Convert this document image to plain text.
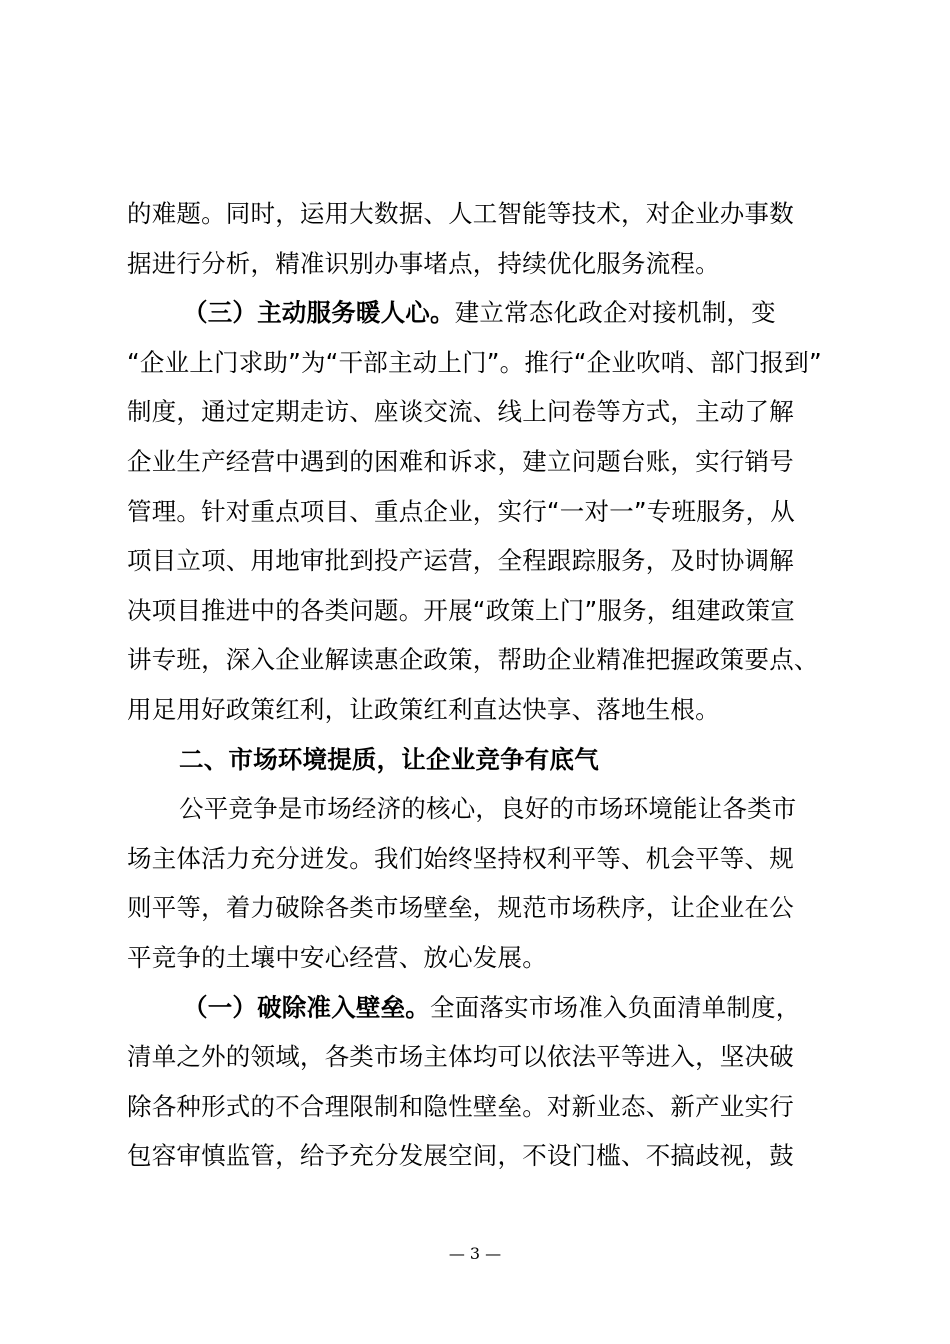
的难题。同时，运用大数据、人工智能等技术，对企业办事数
据进行分析，精准识别办事堵点，持续优化服务流程。
（三）主动服务暖人心。建立常态化政企对接机制，变
“企业上门求助”为“干部主动上门”。推行“企业吹哨、部门报到”
制度，通过定期走访、座谈交流、线上问卷等方式，主动了解
企业生产经营中遇到的困难和诉求，建立问题台账，实行销号
管理。针对重点项目、重点企业，实行“一对一”专班服务，从
项目立项、用地审批到投产运营，全程跟踪服务，及时协调解
决项目推进中的各类问题。开展“政策上门”服务，组建政策宣
讲专班，深入企业解读惠企政策，帮助企业精准把握政策要点、
用足用好政策红利，让政策红利直达快享、落地生根。
二、市场环境提质，让企业竞争有底气
公平竞争是市场经济的核心，良好的市场环境能让各类市
场主体活力充分迸发。我们始终坚持权利平等、机会平等、规
则平等，着力破除各类市场壁垒，规范市场秩序，让企业在公
平竞争的土壤中安心经营、放心发展。
（一）破除准入壁垒。全面落实市场准入负面清单制度，
清单之外的领域，各类市场主体均可以依法平等进入，坚决破
除各种形式的不合理限制和隐性壁垒。对新业态、新产业实行
包容审慎监管，给予充分发展空间，不设门槛、不搞歧视，鼓
— 3 —
